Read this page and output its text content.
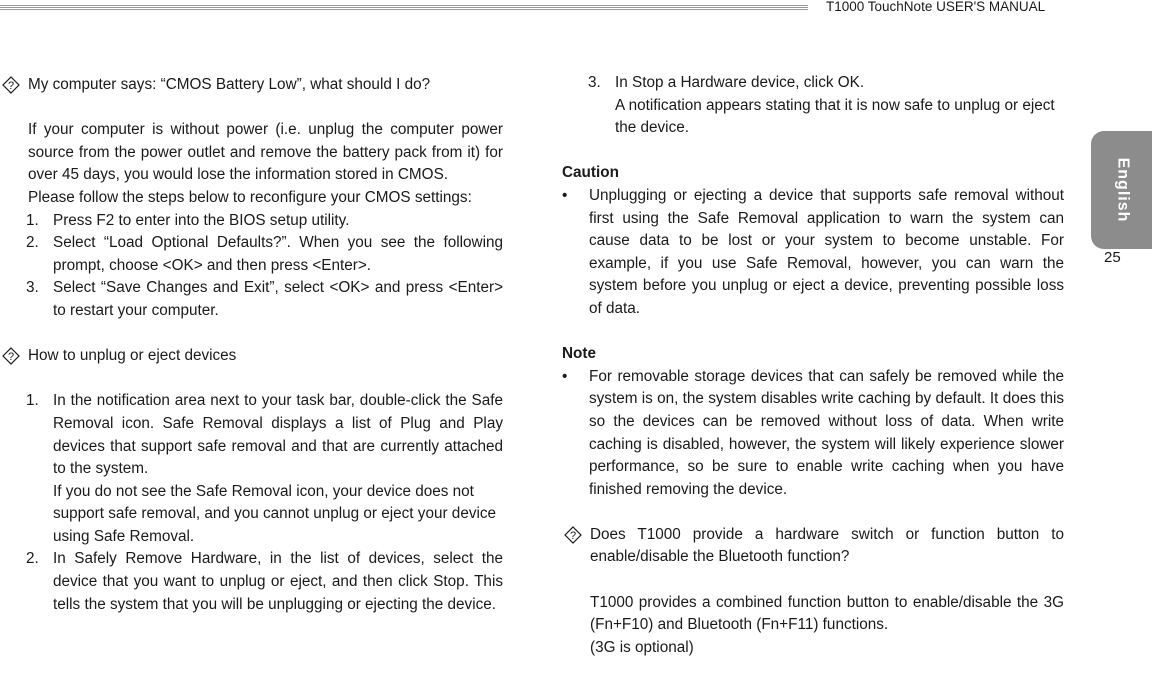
T1000 TouchNote USER'S MANUAL
English
25
? My computer says: “CMOS Battery Low”, what should I do?
If your computer is without power (i.e. unplug the computer power source from the power outlet and remove the battery pack from it) for over 45 days, you would lose the information stored in CMOS.
Please follow the steps below to reconfigure your CMOS settings:
1. Press F2 to enter into the BIOS setup utility.
2. Select “Load Optional Defaults?”. When you see the following prompt, choose <OK> and then press <Enter>.
3. Select “Save Changes and Exit”, select <OK> and press <Enter> to restart your computer.
? How to unplug or eject devices
1. In the notification area next to your task bar, double-click the Safe Removal icon. Safe Removal displays a list of Plug and Play devices that support safe removal and that are currently attached to the system.
If you do not see the Safe Removal icon, your device does not support safe removal, and you cannot unplug or eject your device using Safe Removal.
2. In Safely Remove Hardware, in the list of devices, select the device that you want to unplug or eject, and then click Stop. This tells the system that you will be unplugging or ejecting the device.
3. In Stop a Hardware device, click OK.
A notification appears stating that it is now safe to unplug or eject the device.
Caution
• Unplugging or ejecting a device that supports safe removal without first using the Safe Removal application to warn the system can cause data to be lost or your system to become unstable. For example, if you use Safe Removal, however, you can warn the system before you unplug or eject a device, preventing possible loss of data.
Note
• For removable storage devices that can safely be removed while the system is on, the system disables write caching by default. It does this so the devices can be removed without loss of data. When write caching is disabled, however, the system will likely experience slower performance, so be sure to enable write caching when you have finished removing the device.
? Does T1000 provide a hardware switch or function button to enable/disable the Bluetooth function?
T1000 provides a combined function button to enable/disable the 3G (Fn+F10) and Bluetooth (Fn+F11) functions.
(3G is optional)
